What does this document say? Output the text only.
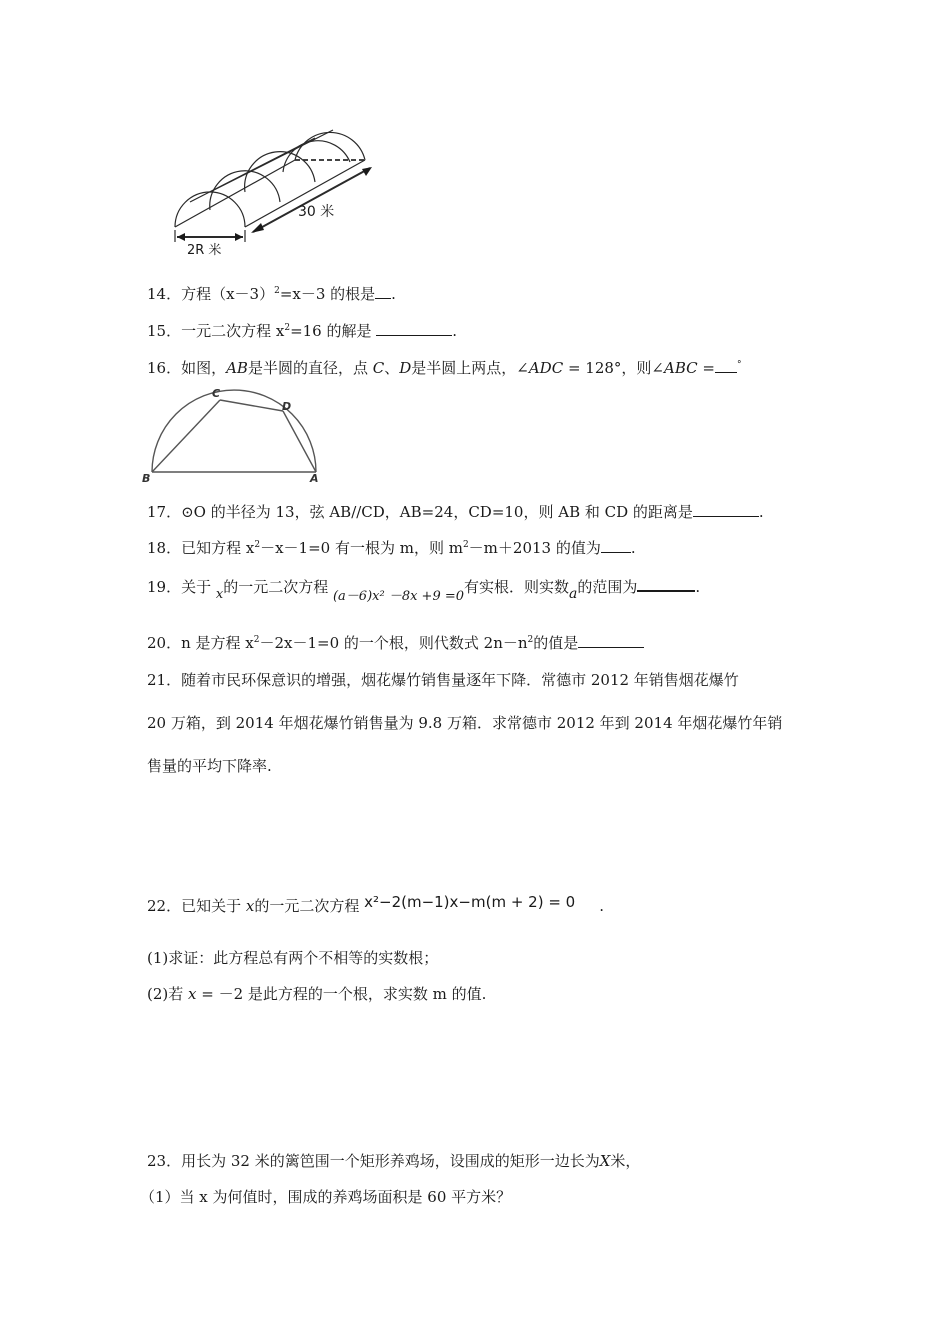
30 米
2R 米
14．方程$(x-3)^2=x-3$ 的根是 .
15．一元二次方程 $x^2=16$ 的解是	.
16．如图，AB是半圆的直径，点 C、D是半圆上两点，∠ADC = 128°，则∠ABC = °
B
C
D
A
17．⊙O 的半径为 13，弦 AB//CD，AB=24，CD=10，则 AB 和 CD 的距离是	.
18．已知方程 $x^2-x-1=0$ 有一根为 m，则 $m^2-m+2013$ 的值为 .
19．关于 x的一元二次方程 (a－6)x² －8x +9 =0有实根．则实数a的范围为	.
20．n 是方程 $x^2-2x-1=0$ 的一个根，则代数式 $2n-n^2$的值是
21．随着市民环保意识的增强，烟花爆竹销售量逐年下降．常德市 2012 年销售烟花爆竹
20 万箱，到 2014 年烟花爆竹销售量为 9.8 万箱．求常德市 2012 年到 2014 年烟花爆竹年销
售量的平均下降率.
22．已知关于 x的一元二次方程 x²−2(m−1)x−m(m + 2) = 0 .
(1)求证：此方程总有两个不相等的实数根；
(2)若 x = －2 是此方程的一个根，求实数 m 的值.
23．用长为 32 米的篱笆围一个矩形养鸡场，设围成的矩形一边长为X米，
（1）当 x 为何值时，围成的养鸡场面积是 60 平方米？
